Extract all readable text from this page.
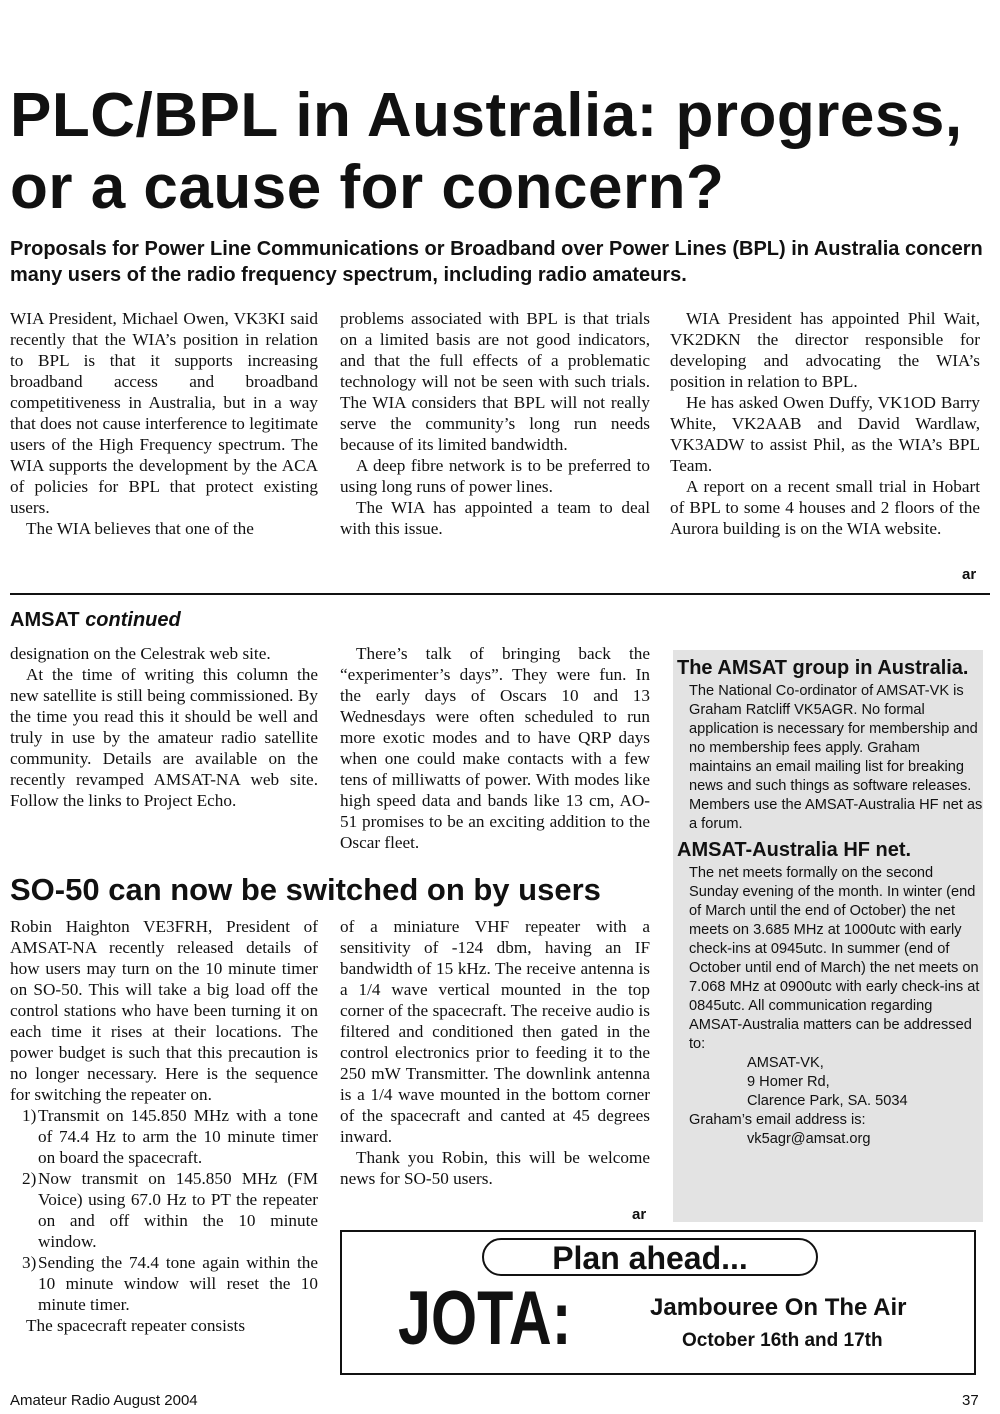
PLC/BPL in Australia: progress, or a cause for concern?
Proposals for Power Line Communications or Broadband over Power Lines (BPL) in Australia concern many users of the radio frequency spectrum, including radio amateurs.

WIA President, Michael Owen, VK3KI said recently that the WIA’s position in relation to BPL is that it supports increasing broadband access and broadband competitiveness in Australia, but in a way that does not cause interference to legitimate users of the High Frequency spectrum. The WIA supports the development by the ACA of policies for BPL that protect existing users.

The WIA believes that one of the

problems associated with BPL is that trials on a limited basis are not good indicators, and that the full effects of a problematic technology will not be seen with such trials. The WIA considers that BPL will not really serve the community’s long run needs because of its limited bandwidth.

A deep fibre network is to be preferred to using long runs of power lines.

The WIA has appointed a team to deal with this issue.

WIA President has appointed Phil Wait, VK2DKN the director responsible for developing and advocating the WIA’s position in relation to BPL.

He has asked Owen Duffy, VK1OD Barry White, VK2AAB and David Wardlaw, VK3ADW to assist Phil, as the WIA’s BPL Team.

A report on a recent small trial in Hobart of BPL to some 4 houses and 2 floors of the Aurora building is on the WIA website.

ar
AMSAT continued

designation on the Celestrak web site.

At the time of writing this column the new satellite is still being commissioned. By the time you read this it should be well and truly in use by the amateur radio satellite community. Details are available on the recently revamped AMSAT-NA web site. Follow the links to Project Echo.

There’s talk of bringing back the “experimenter’s days”. They were fun. In the early days of Oscars 10 and 13 Wednesdays were often scheduled to run more exotic modes and to have QRP days when one could make contacts with a few tens of milliwatts of power. With modes like high speed data and bands like 13 cm, AO-51 promises to be an exciting addition to the Oscar fleet.

SO-50 can now be switched on by users

Robin Haighton VE3FRH, President of AMSAT-NA recently released details of how users may turn on the 10 minute timer on SO-50. This will take a big load off the control stations who have been turning it on each time it rises at their locations. The power budget is such that this precaution is no longer necessary. Here is the sequence for switching the repeater on.

1) Transmit on 145.850 MHz with a tone of 74.4 Hz to arm the 10 minute timer on board the spacecraft.
2) Now transmit on 145.850 MHz (FM Voice) using 67.0 Hz to PT the repeater on and off within the 10 minute window.
3) Sending the 74.4 tone again within the 10 minute window will reset the 10 minute timer.

The spacecraft repeater consists

of a miniature VHF repeater with a sensitivity of -124 dbm, having an IF bandwidth of 15 kHz. The receive antenna is a 1/4 wave vertical mounted in the top corner of the spacecraft. The receive audio is filtered and conditioned then gated in the control electronics prior to feeding it to the 250 mW Transmitter. The downlink antenna is a 1/4 wave mounted in the bottom corner of the spacecraft and canted at 45 degrees inward.

Thank you Robin, this will be welcome news for SO-50 users.

ar
The AMSAT group in Australia.
The National Co-ordinator of AMSAT-VK is Graham Ratcliff VK5AGR. No formal application is necessary for membership and no membership fees apply. Graham maintains an email mailing list for breaking news and such things as software releases. Members use the AMSAT-Australia HF net as a forum.
AMSAT-Australia HF net.
The net meets formally on the second Sunday evening of the month. In winter (end of March until the end of October) the net meets on 3.685 MHz at 1000utc with early check-ins at 0945utc. In summer (end of October until end of March) the net meets on 7.068 MHz at 0900utc with early check-ins at 0845utc. All communication regarding AMSAT-Australia matters can be addressed to:
AMSAT-VK,
9 Homer Rd,
Clarence Park, SA. 5034
Graham’s email address is:
vk5agr@amsat.org
Plan ahead...
JOTA:	Jambouree On The Air
October 16th and 17th
Amateur Radio August 2004	37
